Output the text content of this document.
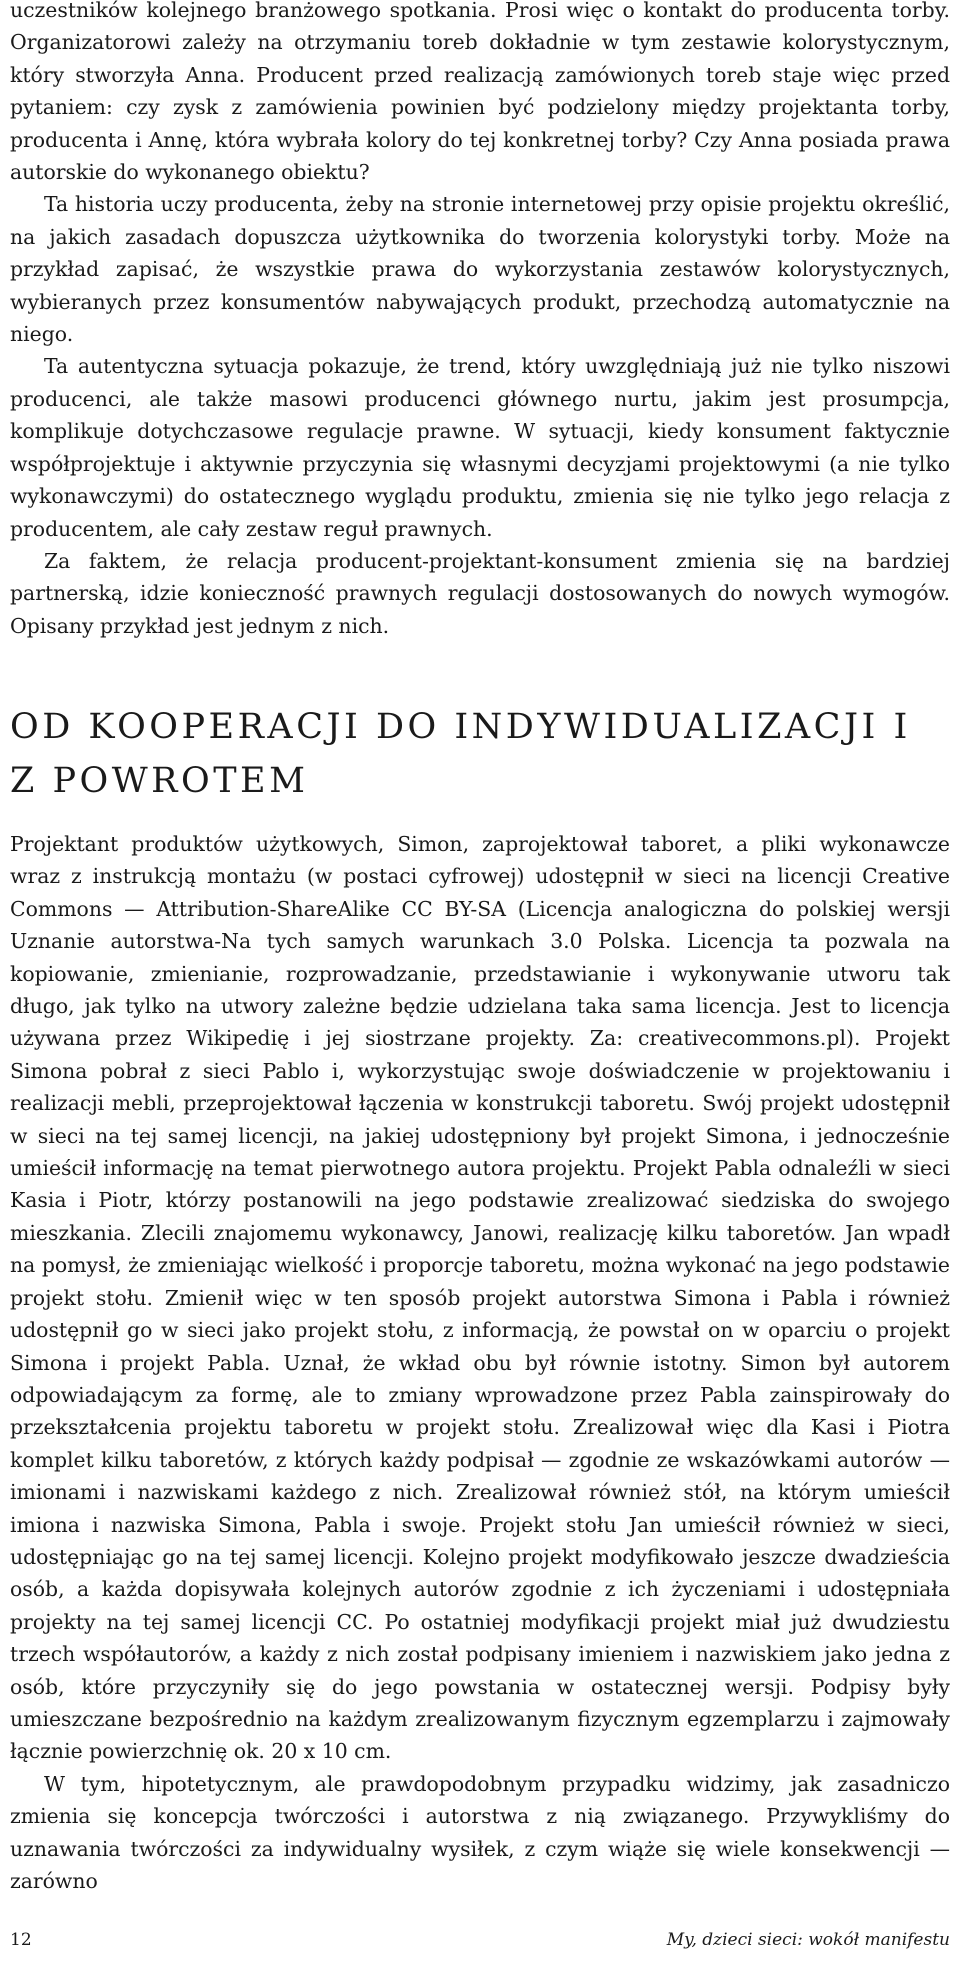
uczestników kolejnego branżowego spotkania. Prosi więc o kontakt do producenta torby. Organizatorowi zależy na otrzymaniu toreb dokładnie w tym zestawie kolorystycznym, który stworzyła Anna. Producent przed realizacją zamówionych toreb staje więc przed pytaniem: czy zysk z zamówienia powinien być podzielony między projektanta torby, producenta i Annę, która wybrała kolory do tej konkretnej torby? Czy Anna posiada prawa autorskie do wykonanego obiektu?

Ta historia uczy producenta, żeby na stronie internetowej przy opisie projektu określić, na jakich zasadach dopuszcza użytkownika do tworzenia kolorystyki torby. Może na przykład zapisać, że wszystkie prawa do wykorzystania zestawów kolorystycznych, wybieranych przez konsumentów nabywających produkt, przechodzą automatycznie na niego.

Ta autentyczna sytuacja pokazuje, że trend, który uwzględniają już nie tylko niszowi producenci, ale także masowi producenci głównego nurtu, jakim jest prosumpcja, komplikuje dotychczasowe regulacje prawne. W sytuacji, kiedy konsument faktycznie współprojektuje i aktywnie przyczynia się własnymi decyzjami projektowymi (a nie tylko wykonawczymi) do ostatecznego wyglądu produktu, zmienia się nie tylko jego relacja z producentem, ale cały zestaw reguł prawnych.

Za faktem, że relacja producent-projektant-konsument zmienia się na bardziej partnerską, idzie konieczność prawnych regulacji dostosowanych do nowych wymogów. Opisany przykład jest jednym z nich.

OD KOOPERACJI DO INDYWIDUALIZACJI I Z POWROTEM

Projektant produktów użytkowych, Simon, zaprojektował taboret, a pliki wykonawcze wraz z instrukcją montażu (w postaci cyfrowej) udostępnił w sieci na licencji Creative Commons — Attribution-ShareAlike CC BY-SA (Licencja analogiczna do polskiej wersji Uznanie autorstwa-Na tych samych warunkach 3.0 Polska. Licencja ta pozwala na kopiowanie, zmienianie, rozprowadzanie, przedstawianie i wykonywanie utworu tak długo, jak tylko na utwory zależne będzie udzielana taka sama licencja. Jest to licencja używana przez Wikipedię i jej siostrzane projekty. Za: creativecommons.pl). Projekt Simona pobrał z sieci Pablo i, wykorzystując swoje doświadczenie w projektowaniu i realizacji mebli, przeprojektował łączenia w konstrukcji taboretu. Swój projekt udostępnił w sieci na tej samej licencji, na jakiej udostępniony był projekt Simona, i jednocześnie umieścił informację na temat pierwotnego autora projektu. Projekt Pabla odnaleźli w sieci Kasia i Piotr, którzy postanowili na jego podstawie zrealizować siedziska do swojego mieszkania. Zlecili znajomemu wykonawcy, Janowi, realizację kilku taboretów. Jan wpadł na pomysł, że zmieniając wielkość i proporcje taboretu, można wykonać na jego podstawie projekt stołu. Zmienił więc w ten sposób projekt autorstwa Simona i Pabla i również udostępnił go w sieci jako projekt stołu, z informacją, że powstał on w oparciu o projekt Simona i projekt Pabla. Uznał, że wkład obu był równie istotny. Simon był autorem odpowiadającym za formę, ale to zmiany wprowadzone przez Pabla zainspirowały do przekształcenia projektu taboretu w projekt stołu. Zrealizował więc dla Kasi i Piotra komplet kilku taboretów, z których każdy podpisał — zgodnie ze wskazówkami autorów — imionami i nazwiskami każdego z nich. Zrealizował również stół, na którym umieścił imiona i nazwiska Simona, Pabla i swoje. Projekt stołu Jan umieścił również w sieci, udostępniając go na tej samej licencji. Kolejno projekt modyfikowało jeszcze dwadzieścia osób, a każda dopisywała kolejnych autorów zgodnie z ich życzeniami i udostępniała projekty na tej samej licencji CC. Po ostatniej modyfikacji projekt miał już dwudziestu trzech współautorów, a każdy z nich został podpisany imieniem i nazwiskiem jako jedna z osób, które przyczyniły się do jego powstania w ostatecznej wersji. Podpisy były umieszczane bezpośrednio na każdym zrealizowanym fizycznym egzemplarzu i zajmowały łącznie powierzchnię ok. 20 x 10 cm.

W tym, hipotetycznym, ale prawdopodobnym przypadku widzimy, jak zasadniczo zmienia się koncepcja twórczości i autorstwa z nią związanego. Przywykliśmy do uznawania twórczości za indywidualny wysiłek, z czym wiąże się wiele konsekwencji — zarówno

12	My, dzieci sieci: wokół manifestu
